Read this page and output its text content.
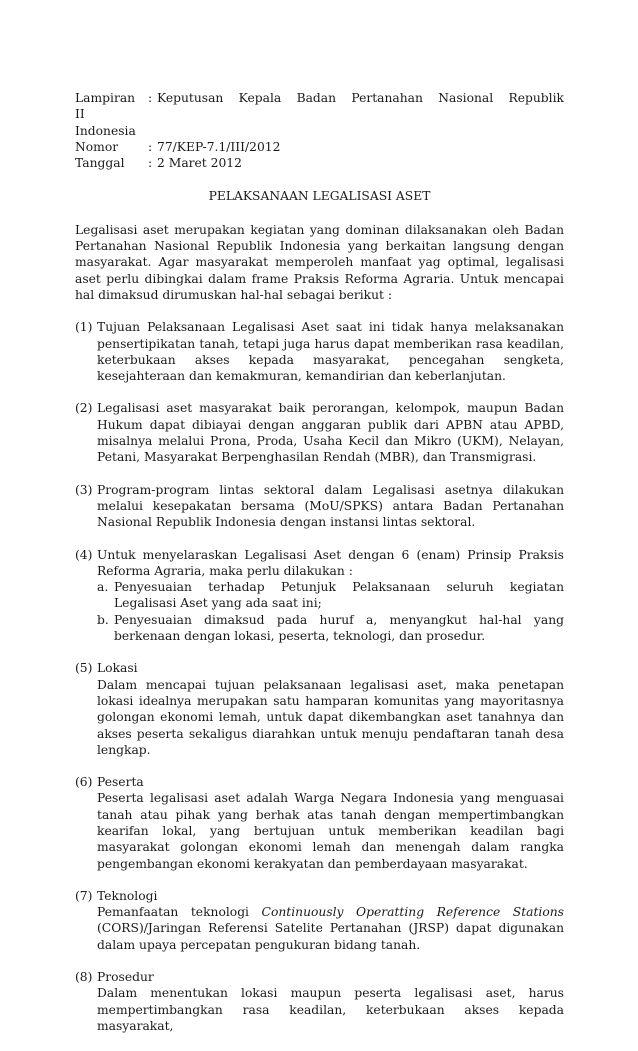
Lampiran II
: Keputusan Kepala Badan Pertanahan Nasional Republik
Indonesia
Nomor	: 77/KEP-7.1/III/2012
Tanggal	: 2 Maret 2012
PELAKSANAAN LEGALISASI ASET
Legalisasi aset merupakan kegiatan yang dominan dilaksanakan oleh Badan Pertanahan Nasional Republik Indonesia yang berkaitan langsung dengan masyarakat. Agar masyarakat memperoleh manfaat yag optimal, legalisasi aset perlu dibingkai dalam frame Praksis Reforma Agraria. Untuk mencapai hal dimaksud dirumuskan hal-hal sebagai berikut :
(1) Tujuan Pelaksanaan Legalisasi Aset saat ini tidak hanya melaksanakan pensertipikatan tanah, tetapi juga harus dapat memberikan rasa keadilan, keterbukaan akses kepada masyarakat, pencegahan sengketa, kesejahteraan dan kemakmuran, kemandirian dan keberlanjutan.
(2) Legalisasi aset masyarakat baik perorangan, kelompok, maupun Badan Hukum dapat dibiayai dengan anggaran publik dari APBN atau APBD, misalnya melalui Prona, Proda, Usaha Kecil dan Mikro (UKM), Nelayan, Petani, Masyarakat Berpenghasilan Rendah (MBR), dan Transmigrasi.
(3) Program-program lintas sektoral dalam Legalisasi asetnya dilakukan melalui kesepakatan bersama (MoU/SPKS) antara Badan Pertanahan Nasional Republik Indonesia dengan instansi lintas sektoral.
(4) Untuk menyelaraskan Legalisasi Aset dengan 6 (enam) Prinsip Praksis Reforma Agraria, maka perlu dilakukan :
a. Penyesuaian terhadap Petunjuk Pelaksanaan seluruh kegiatan Legalisasi Aset yang ada saat ini;
b. Penyesuaian dimaksud pada huruf a, menyangkut hal-hal yang berkenaan dengan lokasi, peserta, teknologi, dan prosedur.
(5) Lokasi
Dalam mencapai tujuan pelaksanaan legalisasi aset, maka penetapan lokasi idealnya merupakan satu hamparan komunitas yang mayoritasnya golongan ekonomi lemah, untuk dapat dikembangkan aset tanahnya dan akses peserta sekaligus diarahkan untuk menuju pendaftaran tanah desa lengkap.
(6) Peserta
Peserta legalisasi aset adalah Warga Negara Indonesia yang menguasai tanah atau pihak yang berhak atas tanah dengan mempertimbangkan kearifan lokal, yang bertujuan untuk memberikan keadilan bagi masyarakat golongan ekonomi lemah dan menengah dalam rangka pengembangan ekonomi kerakyatan dan pemberdayaan masyarakat.
(7) Teknologi
Pemanfaatan teknologi Continuously Operatting Reference Stations (CORS)/Jaringan Referensi Satelite Pertanahan (JRSP) dapat digunakan dalam upaya percepatan pengukuran bidang tanah.
(8) Prosedur
Dalam menentukan lokasi maupun peserta legalisasi aset, harus mempertimbangkan rasa keadilan, keterbukaan akses kepada masyarakat,
